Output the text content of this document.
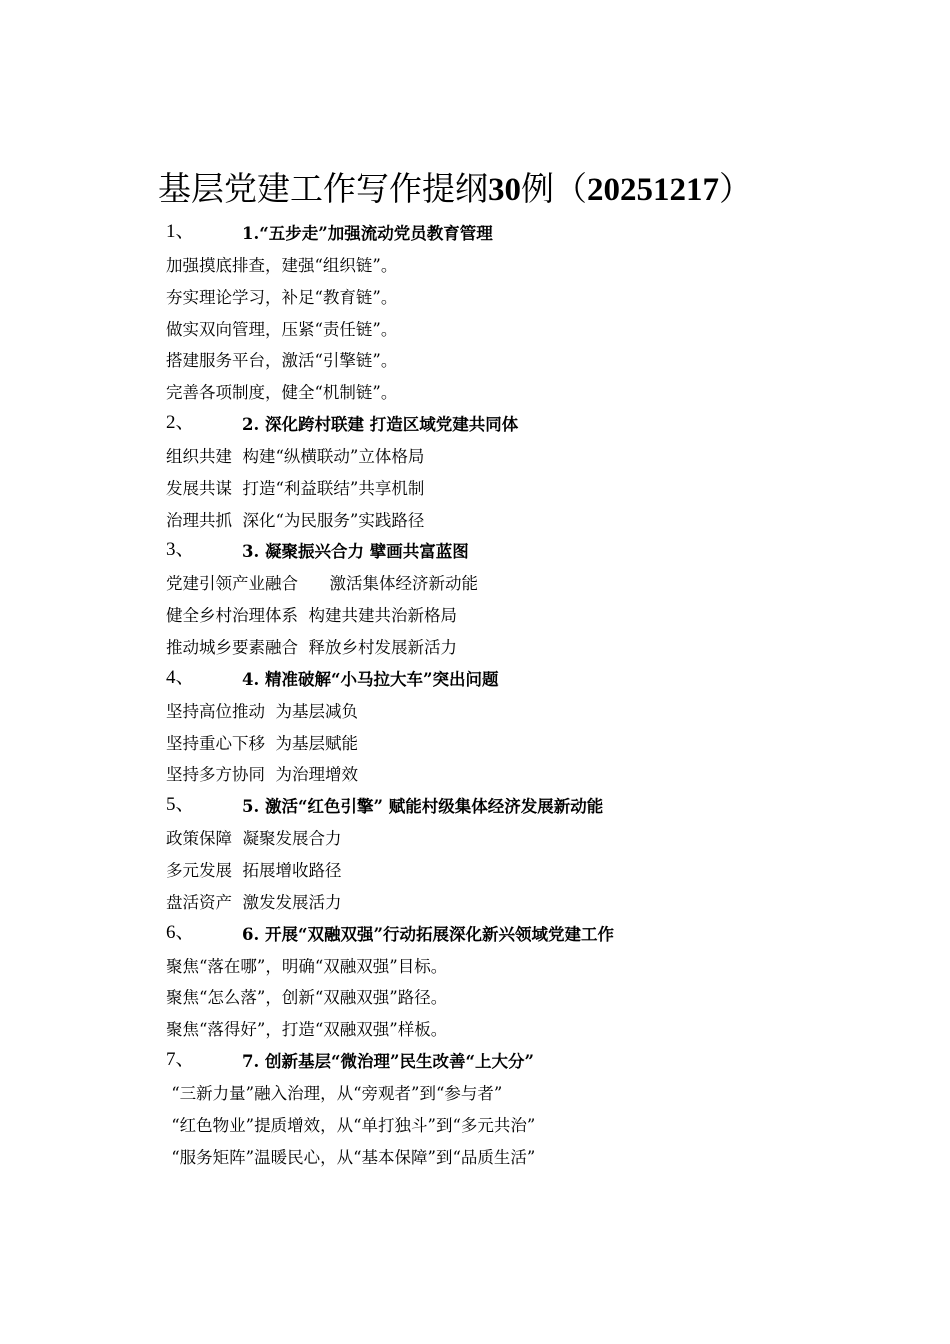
基层党建工作写作提纲30例（20251217）
1、	1.“五步走”加强流动党员教育管理
加强摸底排查，建强“组织链”。
夯实理论学习，补足“教育链”。
做实双向管理，压紧“责任链”。
搭建服务平台，激活“引擎链”。
完善各项制度，健全“机制链”。
2、	2. 深化跨村联建 打造区域党建共同体
组织共建  构建“纵横联动”立体格局
发展共谋  打造“利益联结”共享机制
治理共抓  深化“为民服务”实践路径
3、	3. 凝聚振兴合力 擘画共富蓝图
党建引领产业融合      激活集体经济新动能
健全乡村治理体系  构建共建共治新格局
推动城乡要素融合  释放乡村发展新活力
4、	4. 精准破解“小马拉大车”突出问题
坚持高位推动  为基层减负
坚持重心下移  为基层赋能
坚持多方协同  为治理增效
5、	5. 激活“红色引擎” 赋能村级集体经济发展新动能
政策保障  凝聚发展合力
多元发展  拓展增收路径
盘活资产  激发发展活力
6、	6. 开展“双融双强”行动拓展深化新兴领域党建工作
聚焦“落在哪”，明确“双融双强”目标。
聚焦“怎么落”，创新“双融双强”路径。
聚焦“落得好”，打造“双融双强”样板。
7、	7. 创新基层“微治理”民生改善“上大分”
“三新力量”融入治理，从“旁观者”到“参与者”
“红色物业”提质增效，从“单打独斗”到“多元共治”
“服务矩阵”温暖民心，从“基本保障”到“品质生活”
